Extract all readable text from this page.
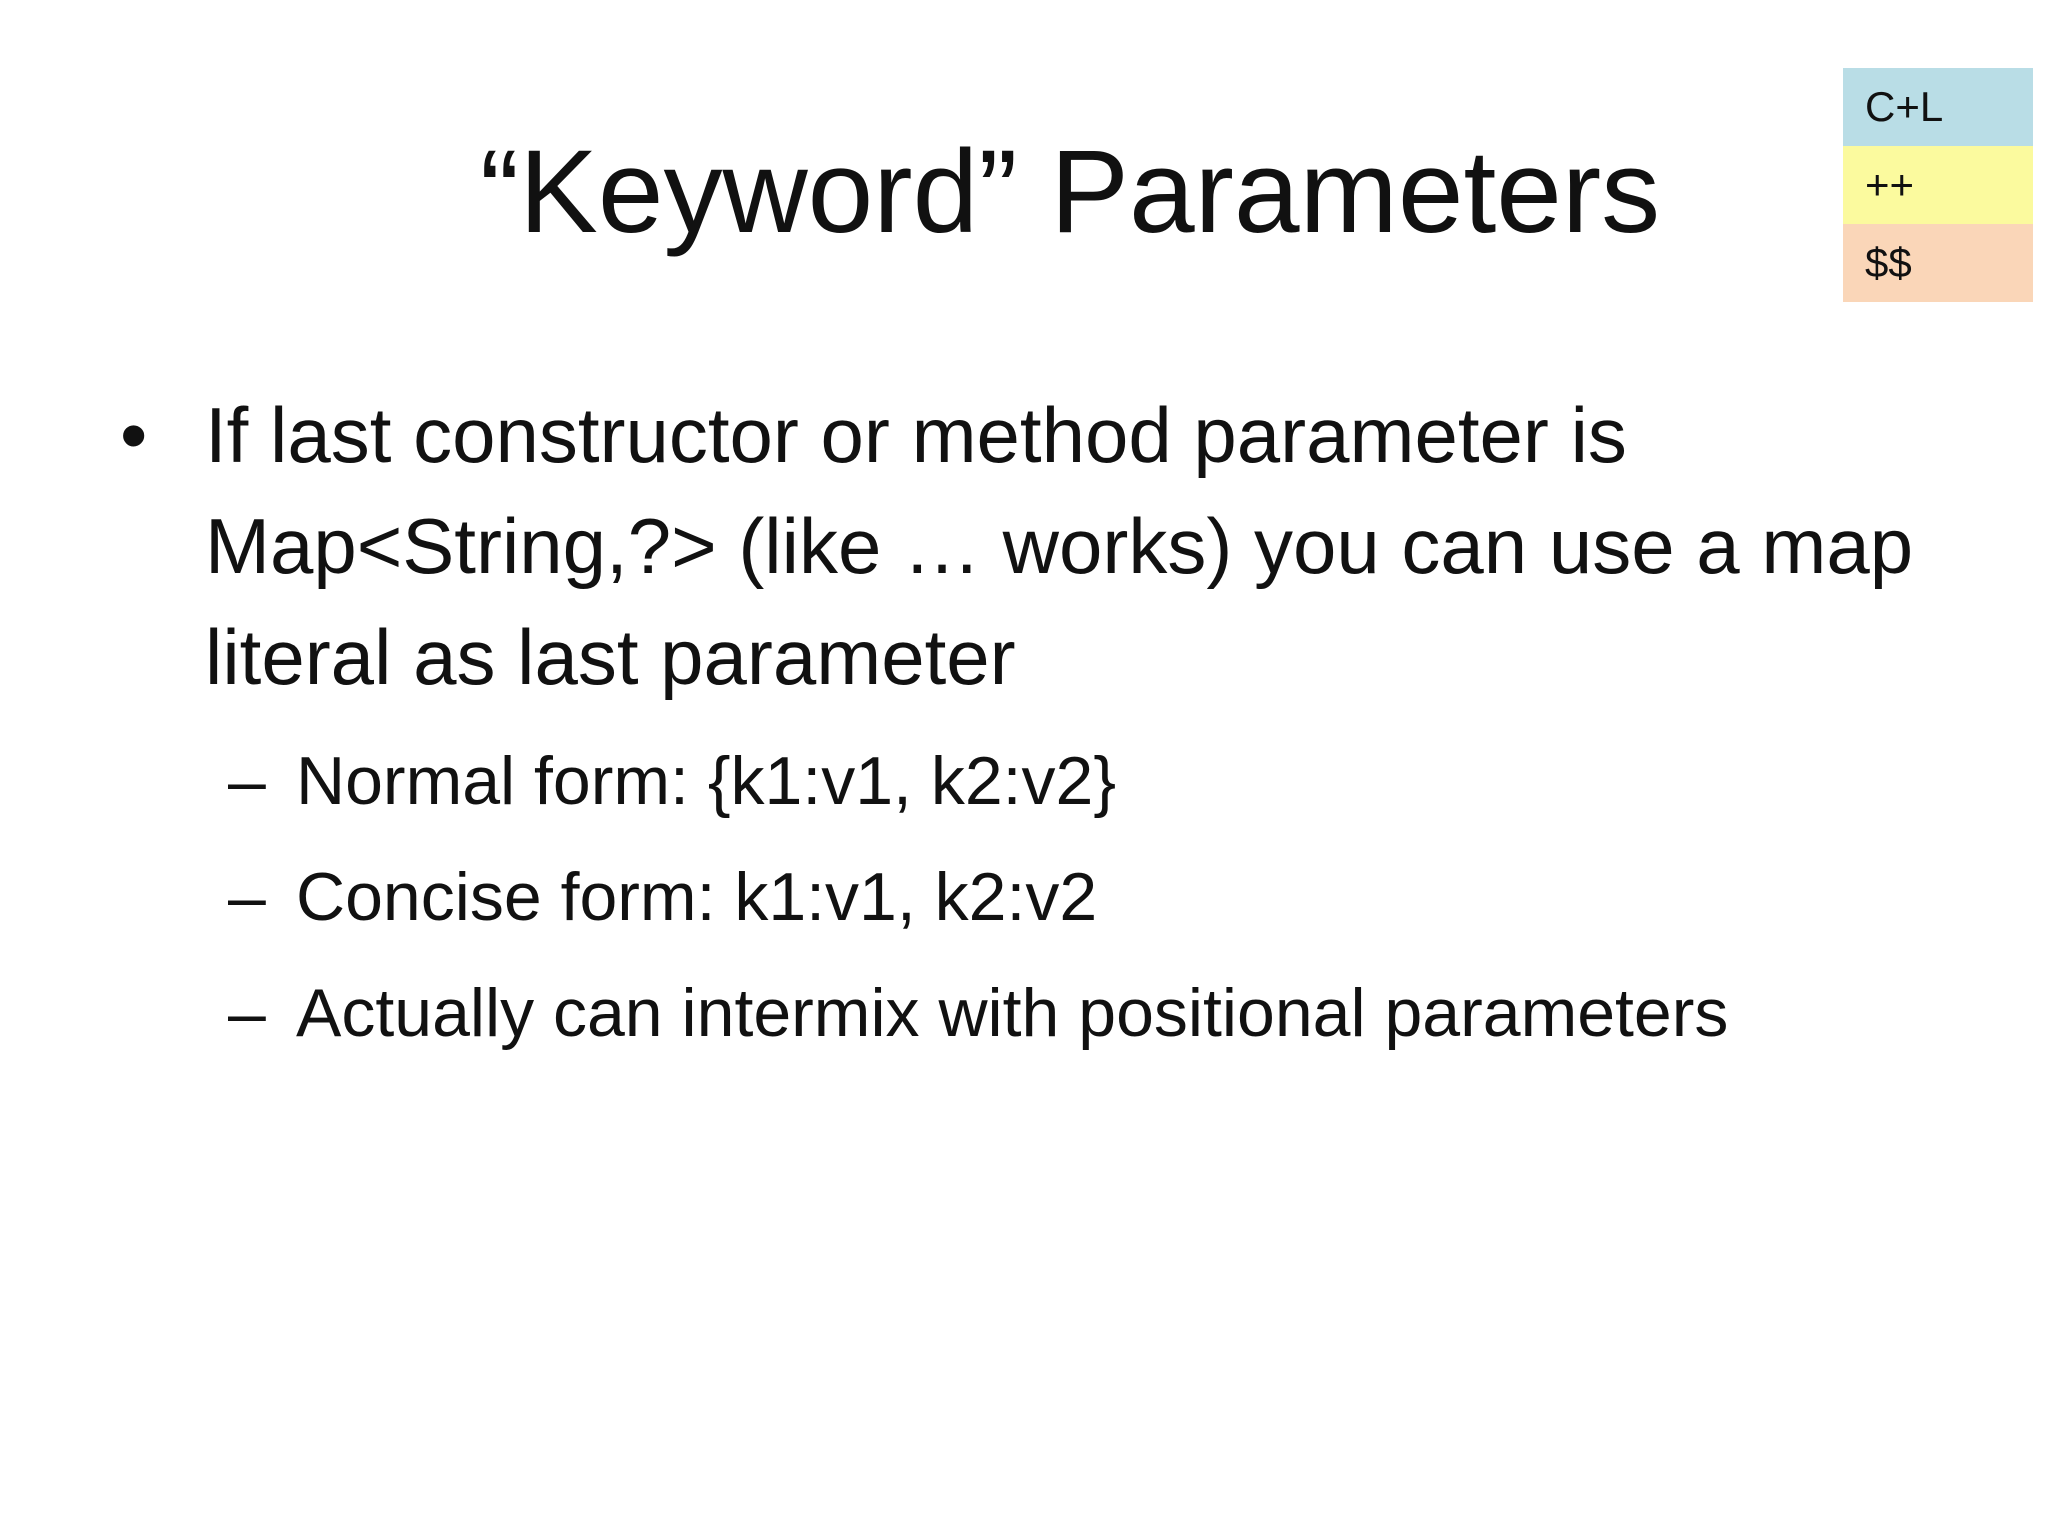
C+L
++
$$
“Keyword” Parameters
• If last constructor or method parameter is Map<String,?> (like … works) you can use a map literal as last parameter
– Normal form: {k1:v1, k2:v2}
– Concise form: k1:v1, k2:v2
– Actually can intermix with positional parameters
